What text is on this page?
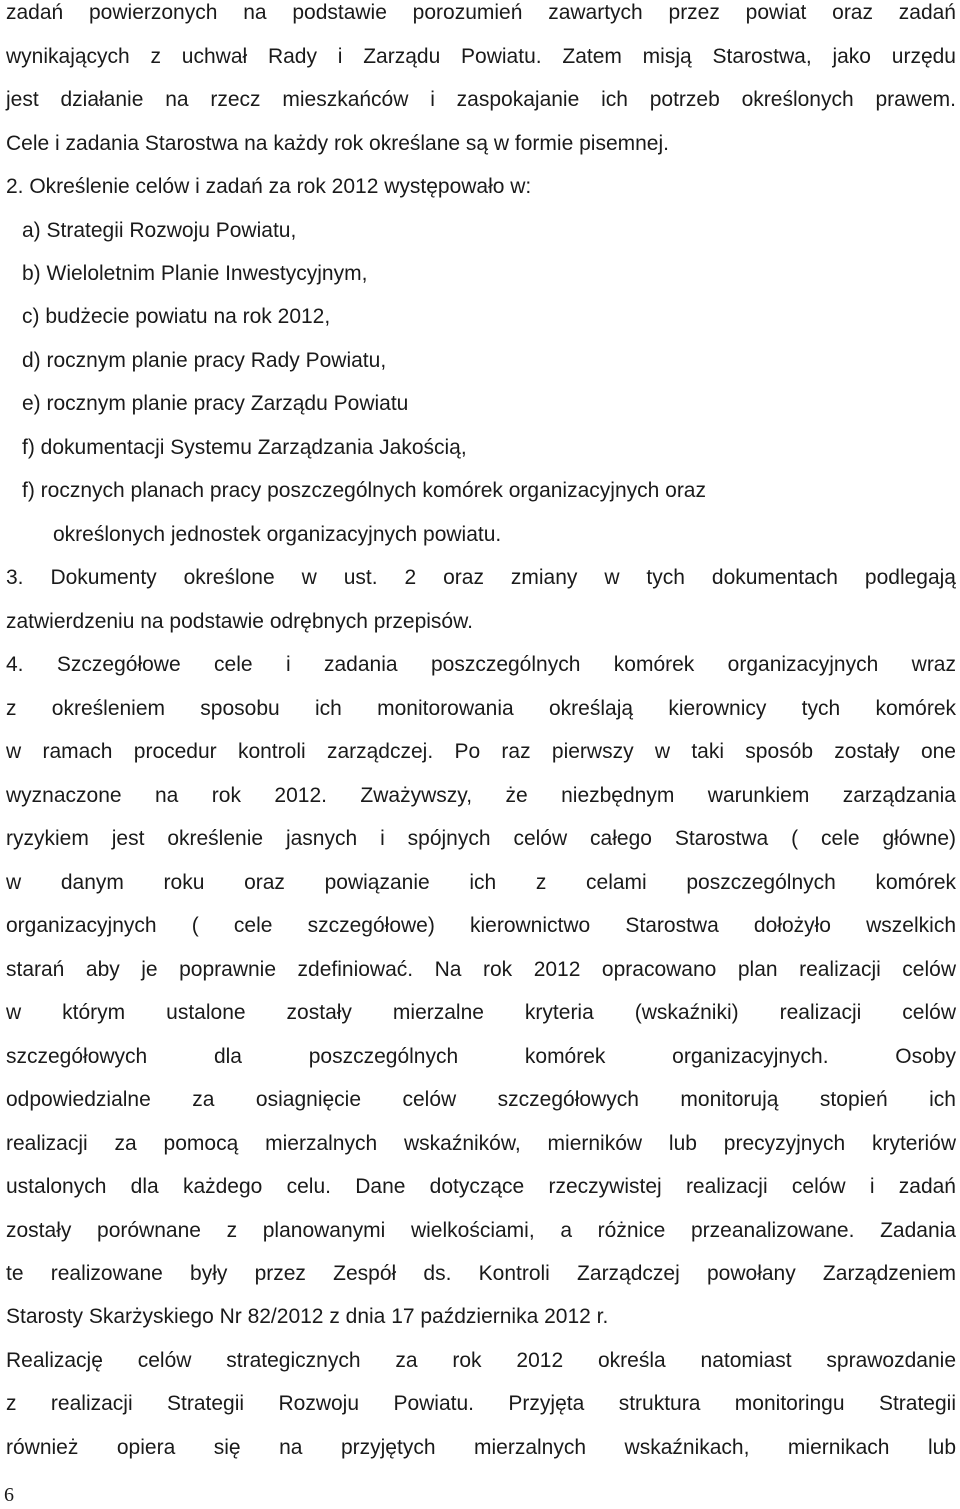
zadań powierzonych na podstawie porozumień zawartych przez powiat oraz zadań
wynikających z uchwał Rady i Zarządu Powiatu. Zatem misją Starostwa, jako urzędu
jest działanie na rzecz mieszkańców i zaspokajanie ich potrzeb określonych prawem.
Cele i zadania Starostwa na każdy rok określane są w formie pisemnej.
2. Określenie celów i zadań za rok 2012 występowało w:
a) Strategii Rozwoju Powiatu,
b) Wieloletnim Planie Inwestycyjnym,
c) budżecie powiatu na rok 2012,
d) rocznym planie pracy Rady Powiatu,
e) rocznym planie pracy Zarządu Powiatu
f) dokumentacji Systemu Zarządzania Jakością,
f) rocznych planach pracy poszczególnych komórek organizacyjnych oraz
określonych jednostek organizacyjnych powiatu.
3. Dokumenty określone w ust. 2 oraz zmiany w tych dokumentach podlegają
zatwierdzeniu na podstawie odrębnych przepisów.
4. Szczegółowe cele i zadania poszczególnych komórek organizacyjnych wraz
z określeniem sposobu ich monitorowania określają kierownicy tych komórek
w ramach procedur kontroli zarządczej. Po raz pierwszy w taki sposób zostały one
wyznaczone na rok 2012. Zważywszy, że niezbędnym warunkiem zarządzania
ryzykiem jest określenie jasnych i spójnych celów całego Starostwa ( cele główne)
w danym roku oraz powiązanie ich z celami poszczególnych komórek
organizacyjnych ( cele szczegółowe) kierownictwo Starostwa dołożyło wszelkich
starań aby je poprawnie zdefiniować. Na rok 2012 opracowano plan realizacji celów
w którym ustalone zostały mierzalne kryteria (wskaźniki) realizacji celów
szczegółowych dla poszczególnych komórek organizacyjnych. Osoby
odpowiedzialne za osiagnięcie celów szczegółowych monitorują stopień ich
realizacji za pomocą mierzalnych wskaźników, mierników lub precyzyjnych kryteriów
ustalonych dla każdego celu. Dane dotyczące rzeczywistej realizacji celów i zadań
zostały porównane z planowanymi wielkościami, a różnice przeanalizowane. Zadania
te realizowane były przez Zespół ds. Kontroli Zarządczej powołany Zarządzeniem
Starosty Skarżyskiego Nr 82/2012 z dnia 17 października 2012 r.
Realizację celów strategicznych za rok 2012 określa natomiast sprawozdanie
z realizacji Strategii Rozwoju Powiatu. Przyjęta struktura monitoringu Strategii
również opiera się na przyjętych mierzalnych wskaźnikach, miernikach lub
6
